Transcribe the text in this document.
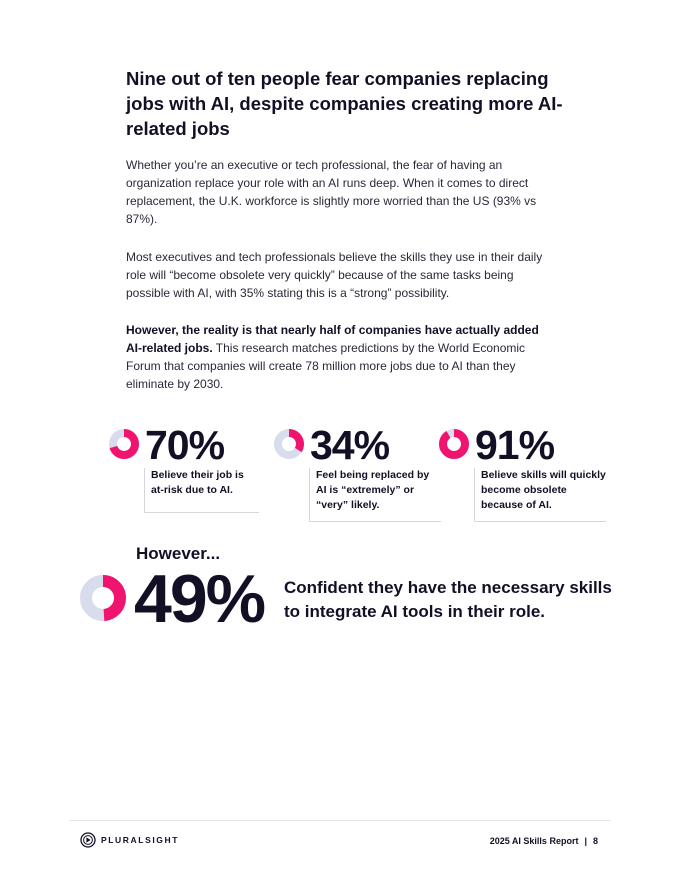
Nine out of ten people fear companies replacing jobs with AI, despite companies creating more AI-related jobs

Whether you’re an executive or tech professional, the fear of having an organization replace your role with an AI runs deep. When it comes to direct replacement, the U.K. workforce is slightly more worried than the US (93% vs 87%).

Most executives and tech professionals believe the skills they use in their daily role will “become obsolete very quickly” because of the same tasks being possible with AI, with 35% stating this is a “strong” possibility.

However, the reality is that nearly half of companies have actually added AI-related jobs. This research matches predictions by the World Economic Forum that companies will create 78 million more jobs due to AI than they eliminate by 2030.

70%
Believe their job is at-risk due to AI.
34%
Feel being replaced by AI is “extremely” or “very” likely.
91%
Believe skills will quickly become obsolete because of AI.
However...
49% Confident they have the necessary skills to integrate AI tools in their role.

PLURALSIGHT	2025 AI Skills Report | 8
